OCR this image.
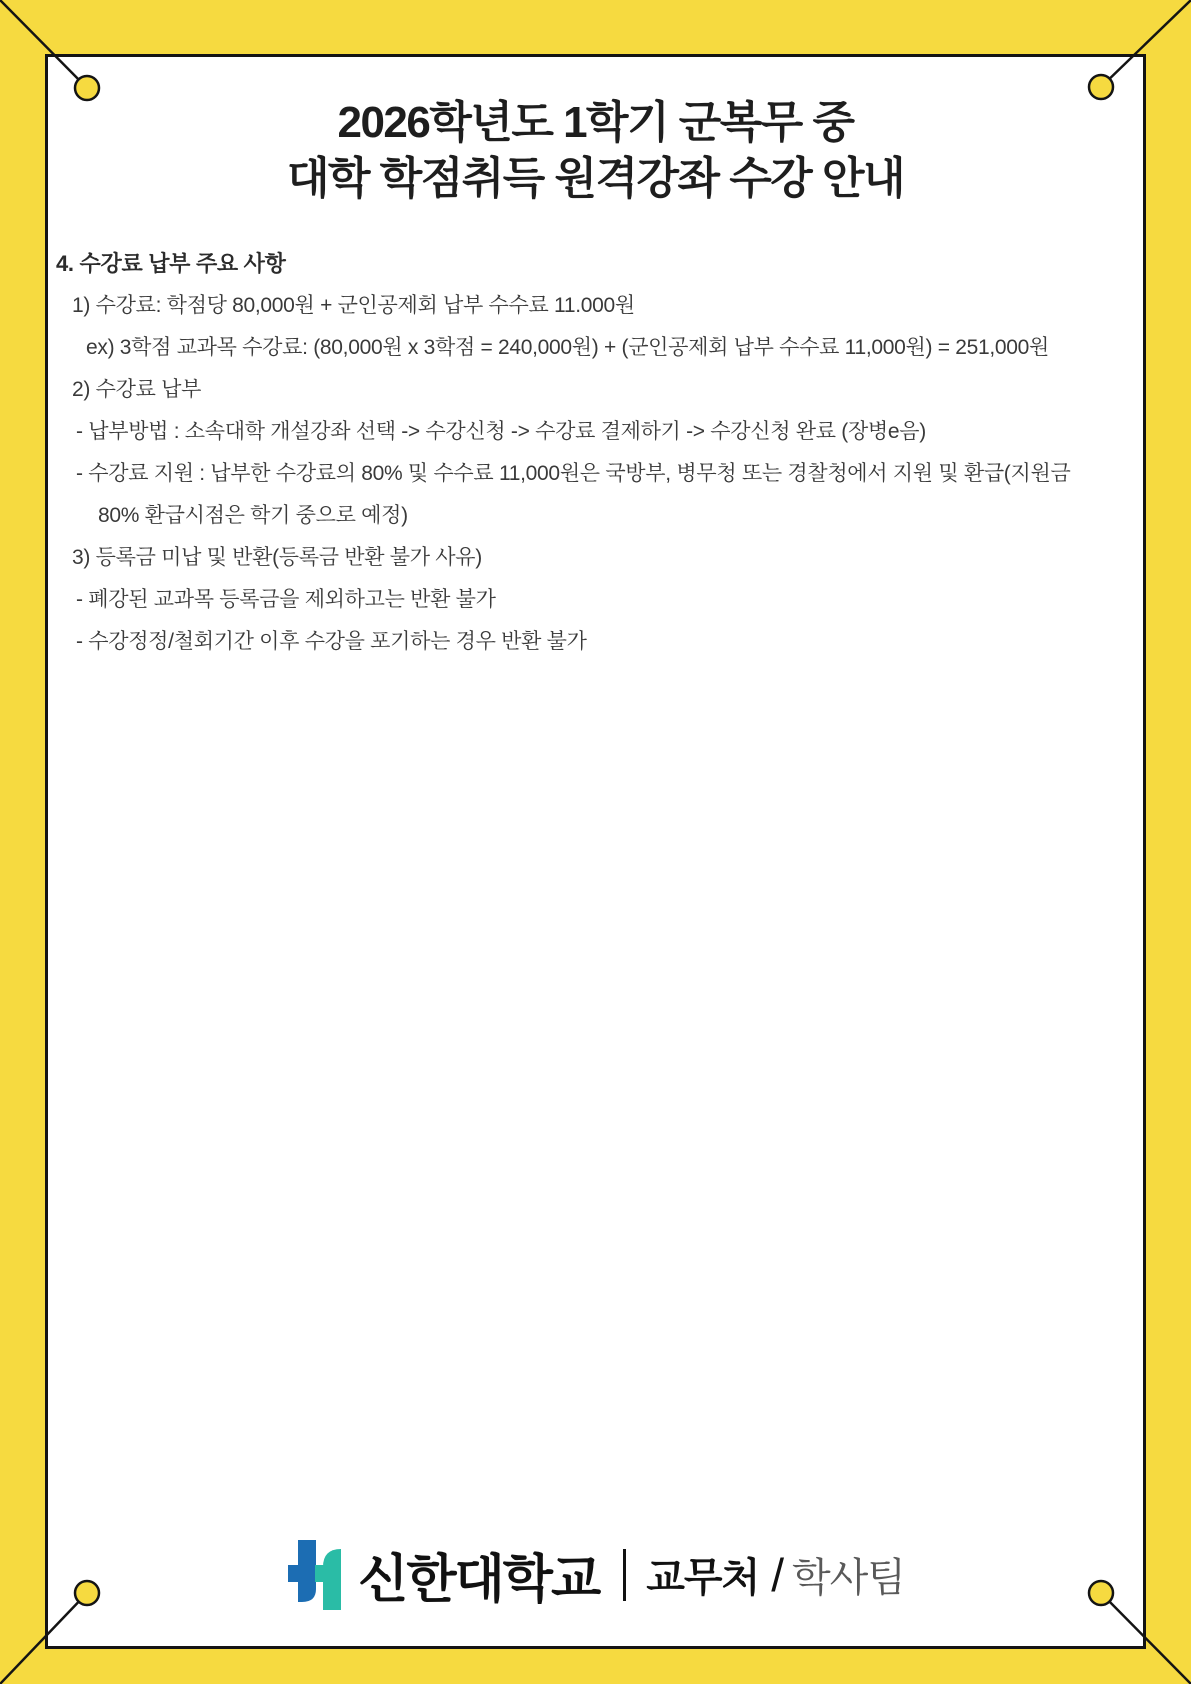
2026학년도 1학기 군복무 중
대학 학점취득 원격강좌 수강 안내
4. 수강료 납부 주요 사항
1) 수강료: 학점당 80,000원 + 군인공제회 납부 수수료 11.000원
ex) 3학점 교과목 수강료: (80,000원 x 3학점 = 240,000원) + (군인공제회 납부 수수료 11,000원) = 251,000원
2) 수강료 납부
- 납부방법 : 소속대학 개설강좌 선택 -> 수강신청 -> 수강료 결제하기 -> 수강신청 완료 (장병e음)
- 수강료 지원 : 납부한 수강료의 80% 및 수수료 11,000원은 국방부, 병무청 또는 경찰청에서 지원 및 환급(지원금
80% 환급시점은 학기 중으로 예정)
3) 등록금 미납 및 반환(등록금 반환 불가 사유)
- 폐강된 교과목 등록금을 제외하고는 반환 불가
- 수강정정/철회기간 이후 수강을 포기하는 경우 반환 불가
신한대학교 교무처 / 학사팀
